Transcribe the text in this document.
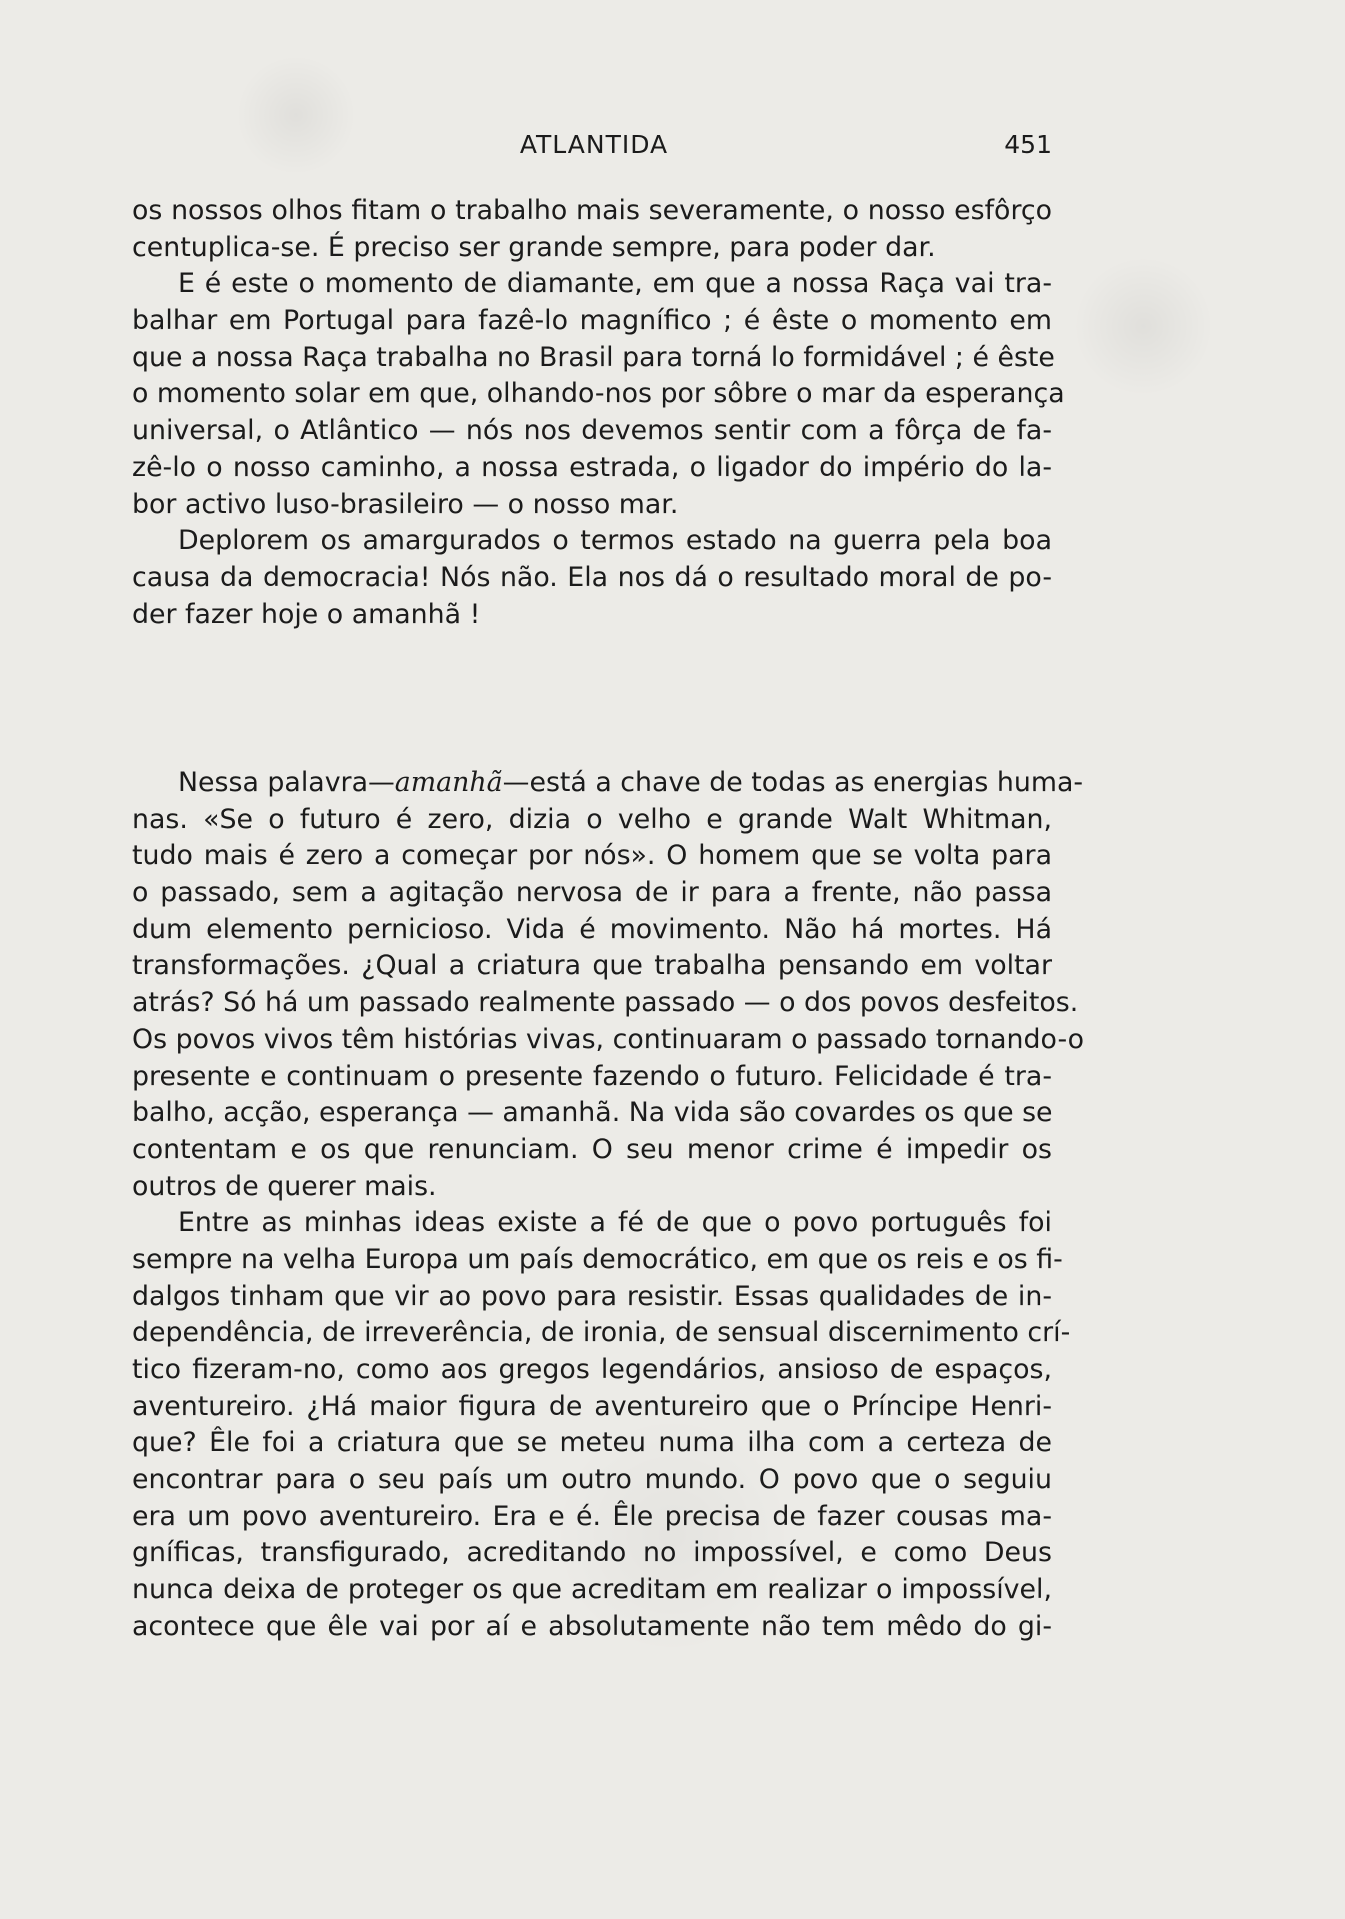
ATLANTIDA	451
os nossos olhos fitam o trabalho mais severamente, o nosso esfôrço
centuplica-se. É preciso ser grande sempre, para poder dar.
E é este o momento de diamante, em que a nossa Raça vai tra-
balhar em Portugal para fazê-lo magnífico ; é êste o momento em
que a nossa Raça trabalha no Brasil para torná lo formidável ; é êste
o momento solar em que, olhando-nos por sôbre o mar da esperança
universal, o Atlântico — nós nos devemos sentir com a fôrça de fa-
zê-lo o nosso caminho, a nossa estrada, o ligador do império do la-
bor activo luso-brasileiro — o nosso mar.
Deplorem os amargurados o termos estado na guerra pela boa
causa da democracia! Nós não. Ela nos dá o resultado moral de po-
der fazer hoje o amanhã !
Nessa palavra—amanhã—está a chave de todas as energias huma-
nas. «Se o futuro é zero, dizia o velho e grande Walt Whitman,
tudo mais é zero a começar por nós». O homem que se volta para
o passado, sem a agitação nervosa de ir para a frente, não passa
dum elemento pernicioso. Vida é movimento. Não há mortes. Há
transformações. ¿Qual a criatura que trabalha pensando em voltar
atrás? Só há um passado realmente passado — o dos povos desfeitos.
Os povos vivos têm histórias vivas, continuaram o passado tornando-o
presente e continuam o presente fazendo o futuro. Felicidade é tra-
balho, acção, esperança — amanhã. Na vida são covardes os que se
contentam e os que renunciam. O seu menor crime é impedir os
outros de querer mais.
Entre as minhas ideas existe a fé de que o povo português foi
sempre na velha Europa um país democrático, em que os reis e os fi-
dalgos tinham que vir ao povo para resistir. Essas qualidades de in-
dependência, de irreverência, de ironia, de sensual discernimento crí-
tico fizeram-no, como aos gregos legendários, ansioso de espaços,
aventureiro. ¿Há maior figura de aventureiro que o Príncipe Henri-
que? Êle foi a criatura que se meteu numa ilha com a certeza de
encontrar para o seu país um outro mundo. O povo que o seguiu
era um povo aventureiro. Era e é. Êle precisa de fazer cousas ma-
gníficas, transfigurado, acreditando no impossível, e como Deus
nunca deixa de proteger os que acreditam em realizar o impossível,
acontece que êle vai por aí e absolutamente não tem mêdo do gi-
